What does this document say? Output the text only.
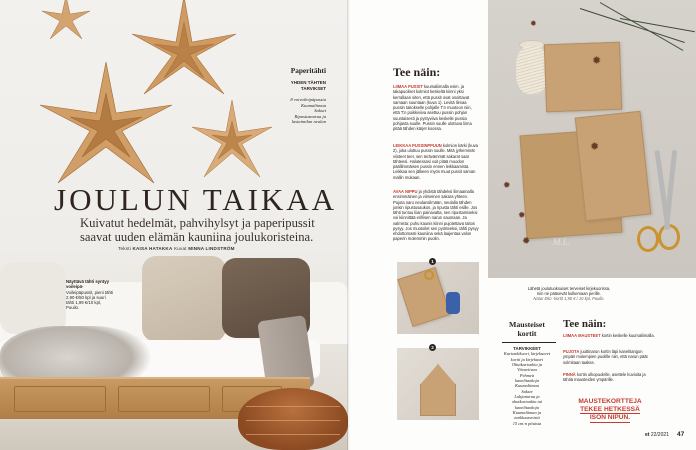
Paperitähti
YHDEN TÄHTEN
TARVIKSET
8 voivoileipäpussia
Kuumaliimaa
Sakset
Ripustusnarua ja
lasiaimilan neulan
JOULUN TAIKAA
Kuivatut hedelmät, pahvihylsyt ja paperipussit
saavat uuden elämän kauniina joulukoristeina.
Teksti KAISA HATAKKA Kuvat MINNA LINDSTRÖM
Näyttävä tähti syntyy voileipä-
Voileipäpussit, pieni tähti 2,90 €/50 kpl ja suuri tähti 1,99 €/10 kpl, Puuilo.
✹
✹
✹
✹
✹
✹
M.L.
Lähetä joulutuoksuiset terveiset kirjekuorissa,
niin ne pääsevät kulkemaan perille.
Natur Eko -kortit 1,90 € / 10 kpl, Puuilo.
Tee näin:

LIIMAA PUSSIT kuumaliimalla esim. ja takapuoliset kolmiot keskeltä kiinni yksi kerrallaan siten, että pussit ovat osoittavat samaan suuntaan (kuva 1). Levitä liimaa pussin taitokselle pohjalle T:n muotoon niin, että T:n poikkiviiva asettuu pussin pohjan suuntaisesti ja pystyviiva keskelle pussia pohjasta suulle. Pussin suulle ulottuva liima pitää tähden kärjet koossa.

LEIKKAA PUSSINPPUUN kolmion kärki (kuva 2), joka ulottuu pussin suulle. Mitä jyrkemmät viisteet teet, sen terävämmät sakarat saat tähteesi. Halutessasi voit pitää muodon päällimmäisen pussin ennen leikkaamista. Leikkaa sen jälkeen myös muut pussit saman mallin mukaan.

AVAA NIPPU ja yhdistä tähdeksi liimaamalla ensimmäinen ja viimeinen sakara yhteen. Pujota naru neulansilmään, neulalla tähden jonkin ripustusaukon, ja ripusta tähti esille. Jos tähti tuntuu liian painavalta, sen ripustamiseksi voi kiinnittää erillisen narun saumaan. Ja valmista: puhu kaunis kiinni pujotettava taitos pysyy. Jos muotoilet sen pyörteeksi, tähti pysyy ehdottomasti kauniina sekä laajentaa valon paperin molemmin puolin.

1
2
Mausteiset
kortit
TARVIKKEET
Kartonkikuori, kirjekuoret
kortti ja kirjekuori
Ohutkartonkia ja
Viivaviivaa
Pehmeä
kanelitankoja
Kuumaliimaa
Sakset
Lahjanarua ja
ohutkartonkia tai
kanelitankoja
Kuumaliimaa ja
tarkkuusveistä
15 cm:n pituisia
Tee näin:

LIIMAA MAUSTEET kortin keskelle kuumaliimalla.

PUJOTA juuttinarun kortin läpi kanelitangon ympäri molempien puolille niin, että narun päät solmitaan taakse.

PINNÄ kortin ulkopuolelle, asettele kuvioita ja tähtiä mausteiden ympärille.

MAUSTEKORTTEJA
TEKEE HETKESSÄ
ISON NIPUN.
et 22/2021 47
